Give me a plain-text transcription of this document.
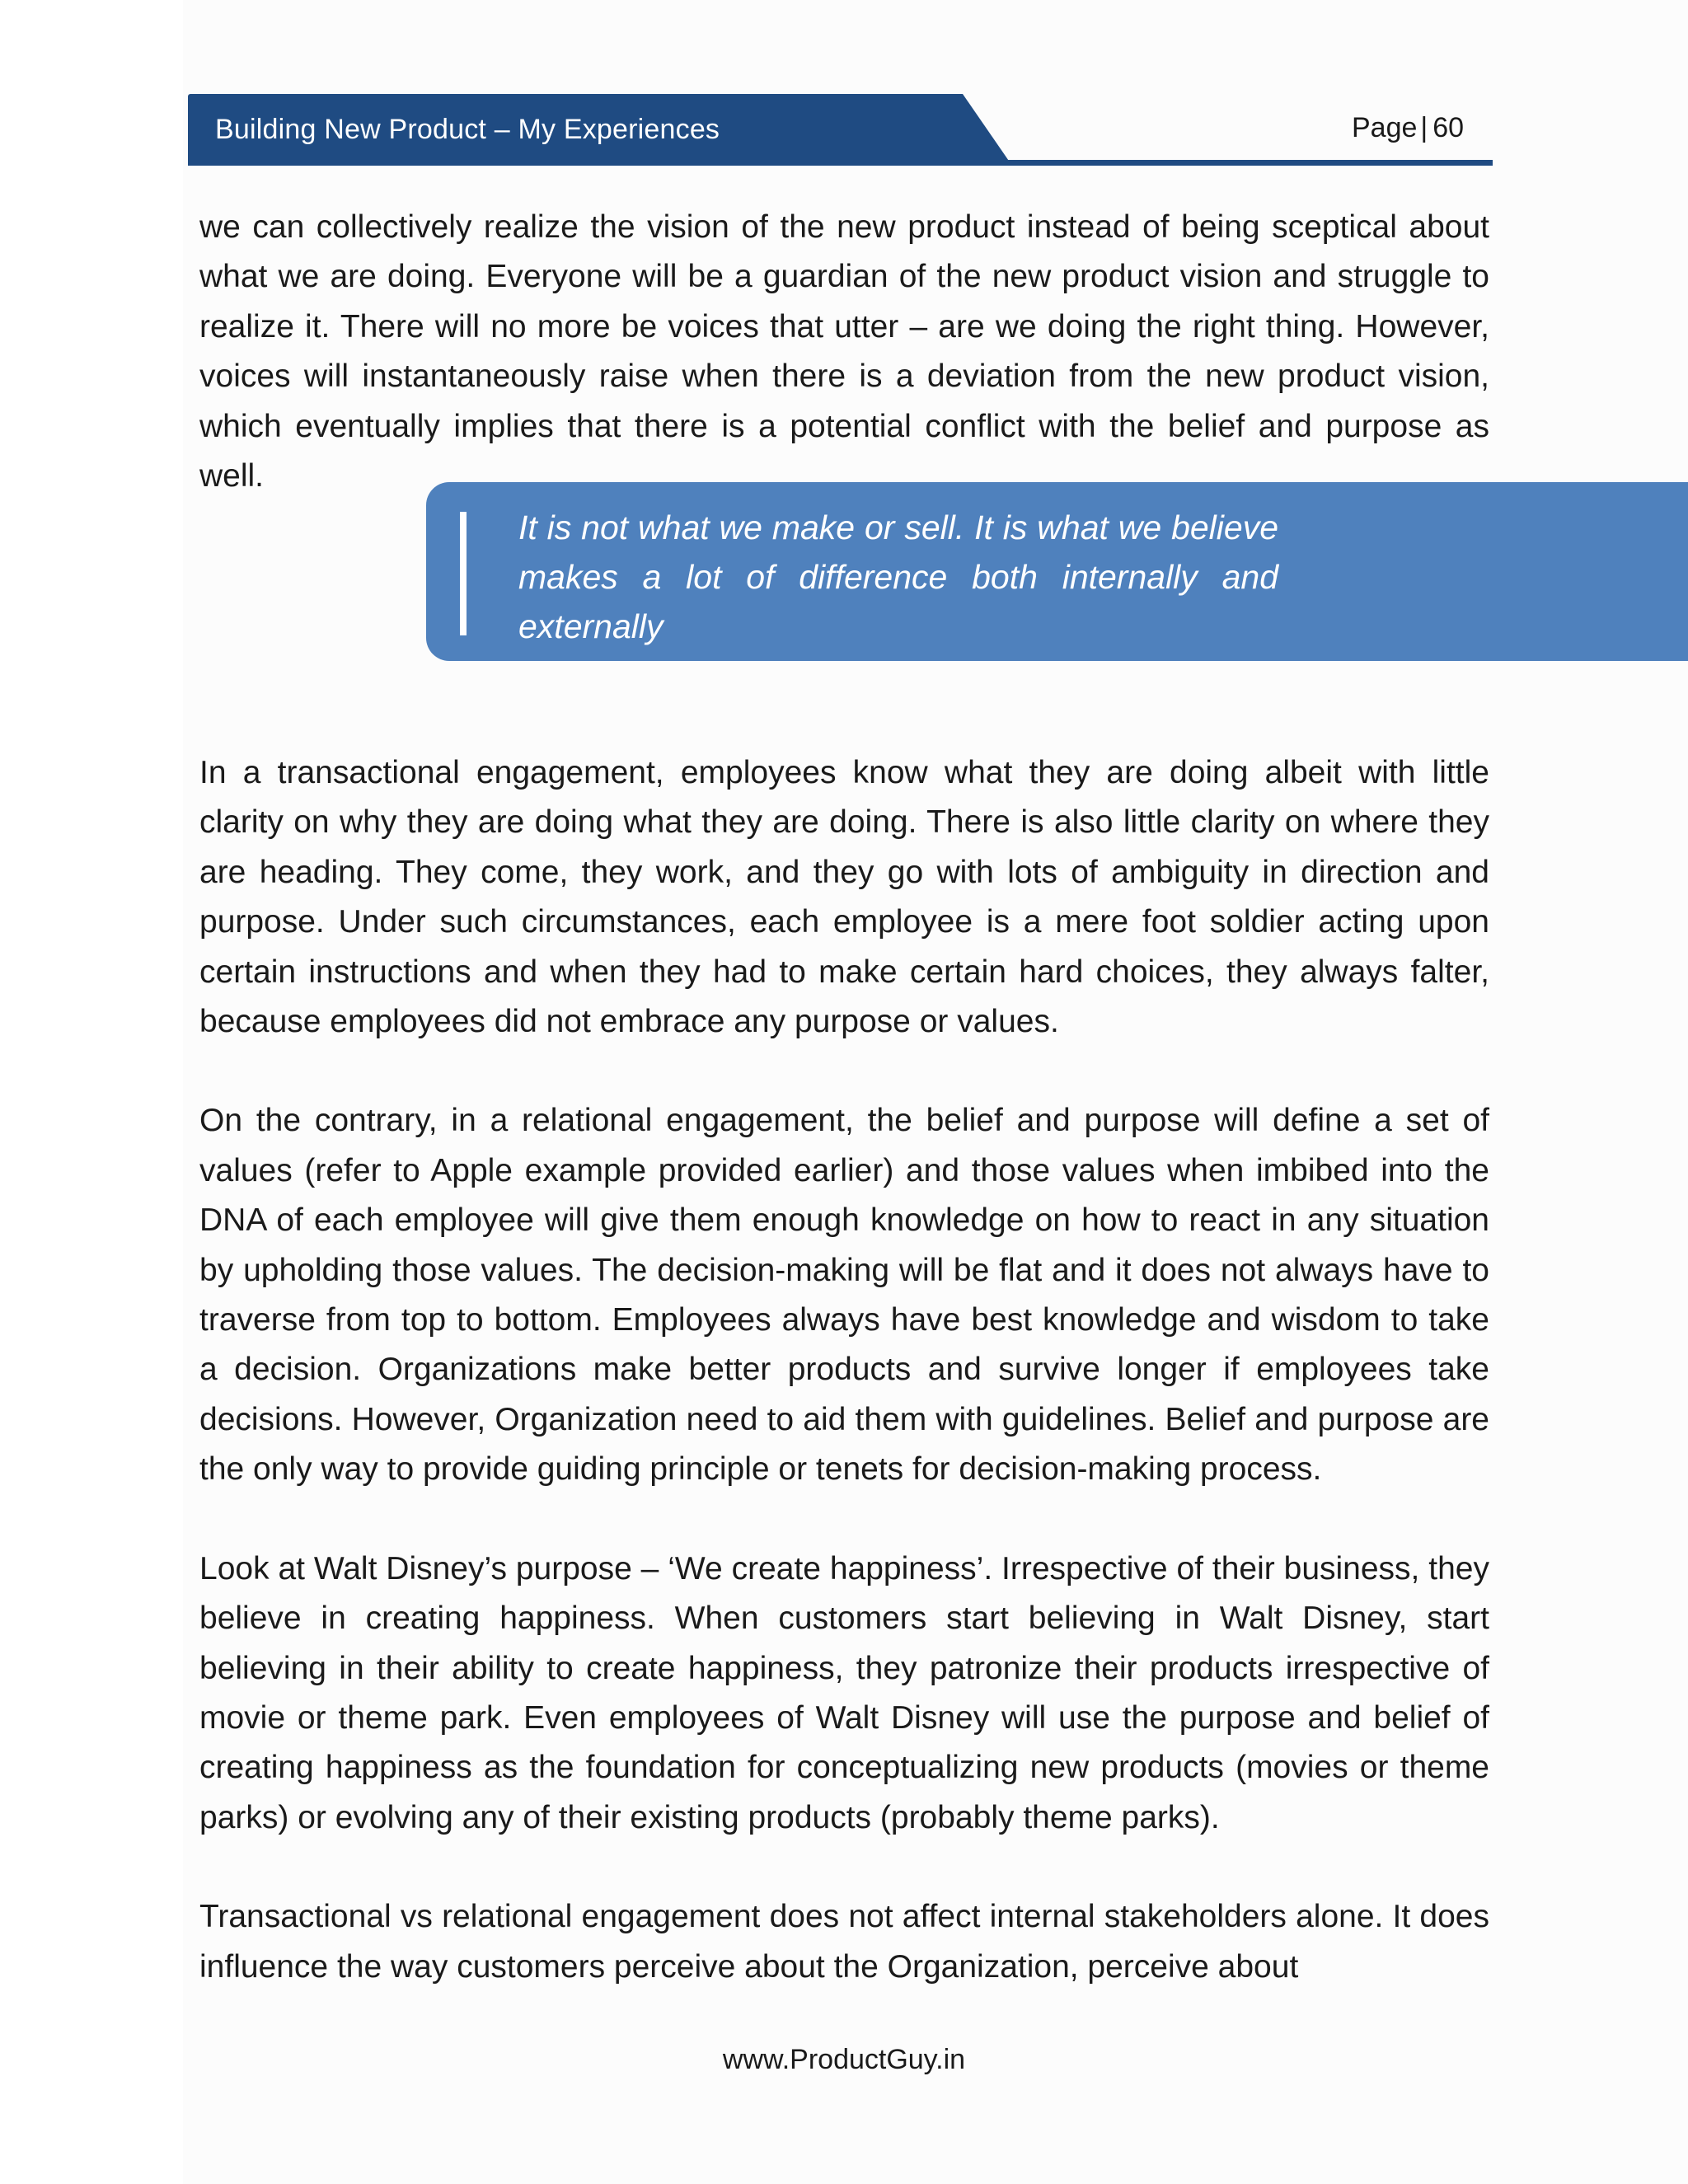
Building New Product – My Experiences	Page | 60

we can collectively realize the vision of the new product instead of being sceptical about what we are doing. Everyone will be a guardian of the new product vision and struggle to realize it. There will no more be voices that utter – are we doing the right thing. However, voices will instantaneously raise when there is a deviation from the new product vision, which eventually implies that there is a potential conflict with the belief and purpose as well.

It is not what we make or sell. It is what we believe makes a lot of difference both internally and externally

In a transactional engagement, employees know what they are doing albeit with little clarity on why they are doing what they are doing. There is also little clarity on where they are heading. They come, they work, and they go with lots of ambiguity in direction and purpose. Under such circumstances, each employee is a mere foot soldier acting upon certain instructions and when they had to make certain hard choices, they always falter, because employees did not embrace any purpose or values.

On the contrary, in a relational engagement, the belief and purpose will define a set of values (refer to Apple example provided earlier) and those values when imbibed into the DNA of each employee will give them enough knowledge on how to react in any situation by upholding those values. The decision-making will be flat and it does not always have to traverse from top to bottom. Employees always have best knowledge and wisdom to take a decision. Organizations make better products and survive longer if employees take decisions. However, Organization need to aid them with guidelines. Belief and purpose are the only way to provide guiding principle or tenets for decision-making process.

Look at Walt Disney’s purpose – ‘We create happiness’. Irrespective of their business, they believe in creating happiness. When customers start believing in Walt Disney, start believing in their ability to create happiness, they patronize their products irrespective of movie or theme park. Even employees of Walt Disney will use the purpose and belief of creating happiness as the foundation for conceptualizing new products (movies or theme parks) or evolving any of their existing products (probably theme parks).

Transactional vs relational engagement does not affect internal stakeholders alone. It does influence the way customers perceive about the Organization, perceive about

www.ProductGuy.in
